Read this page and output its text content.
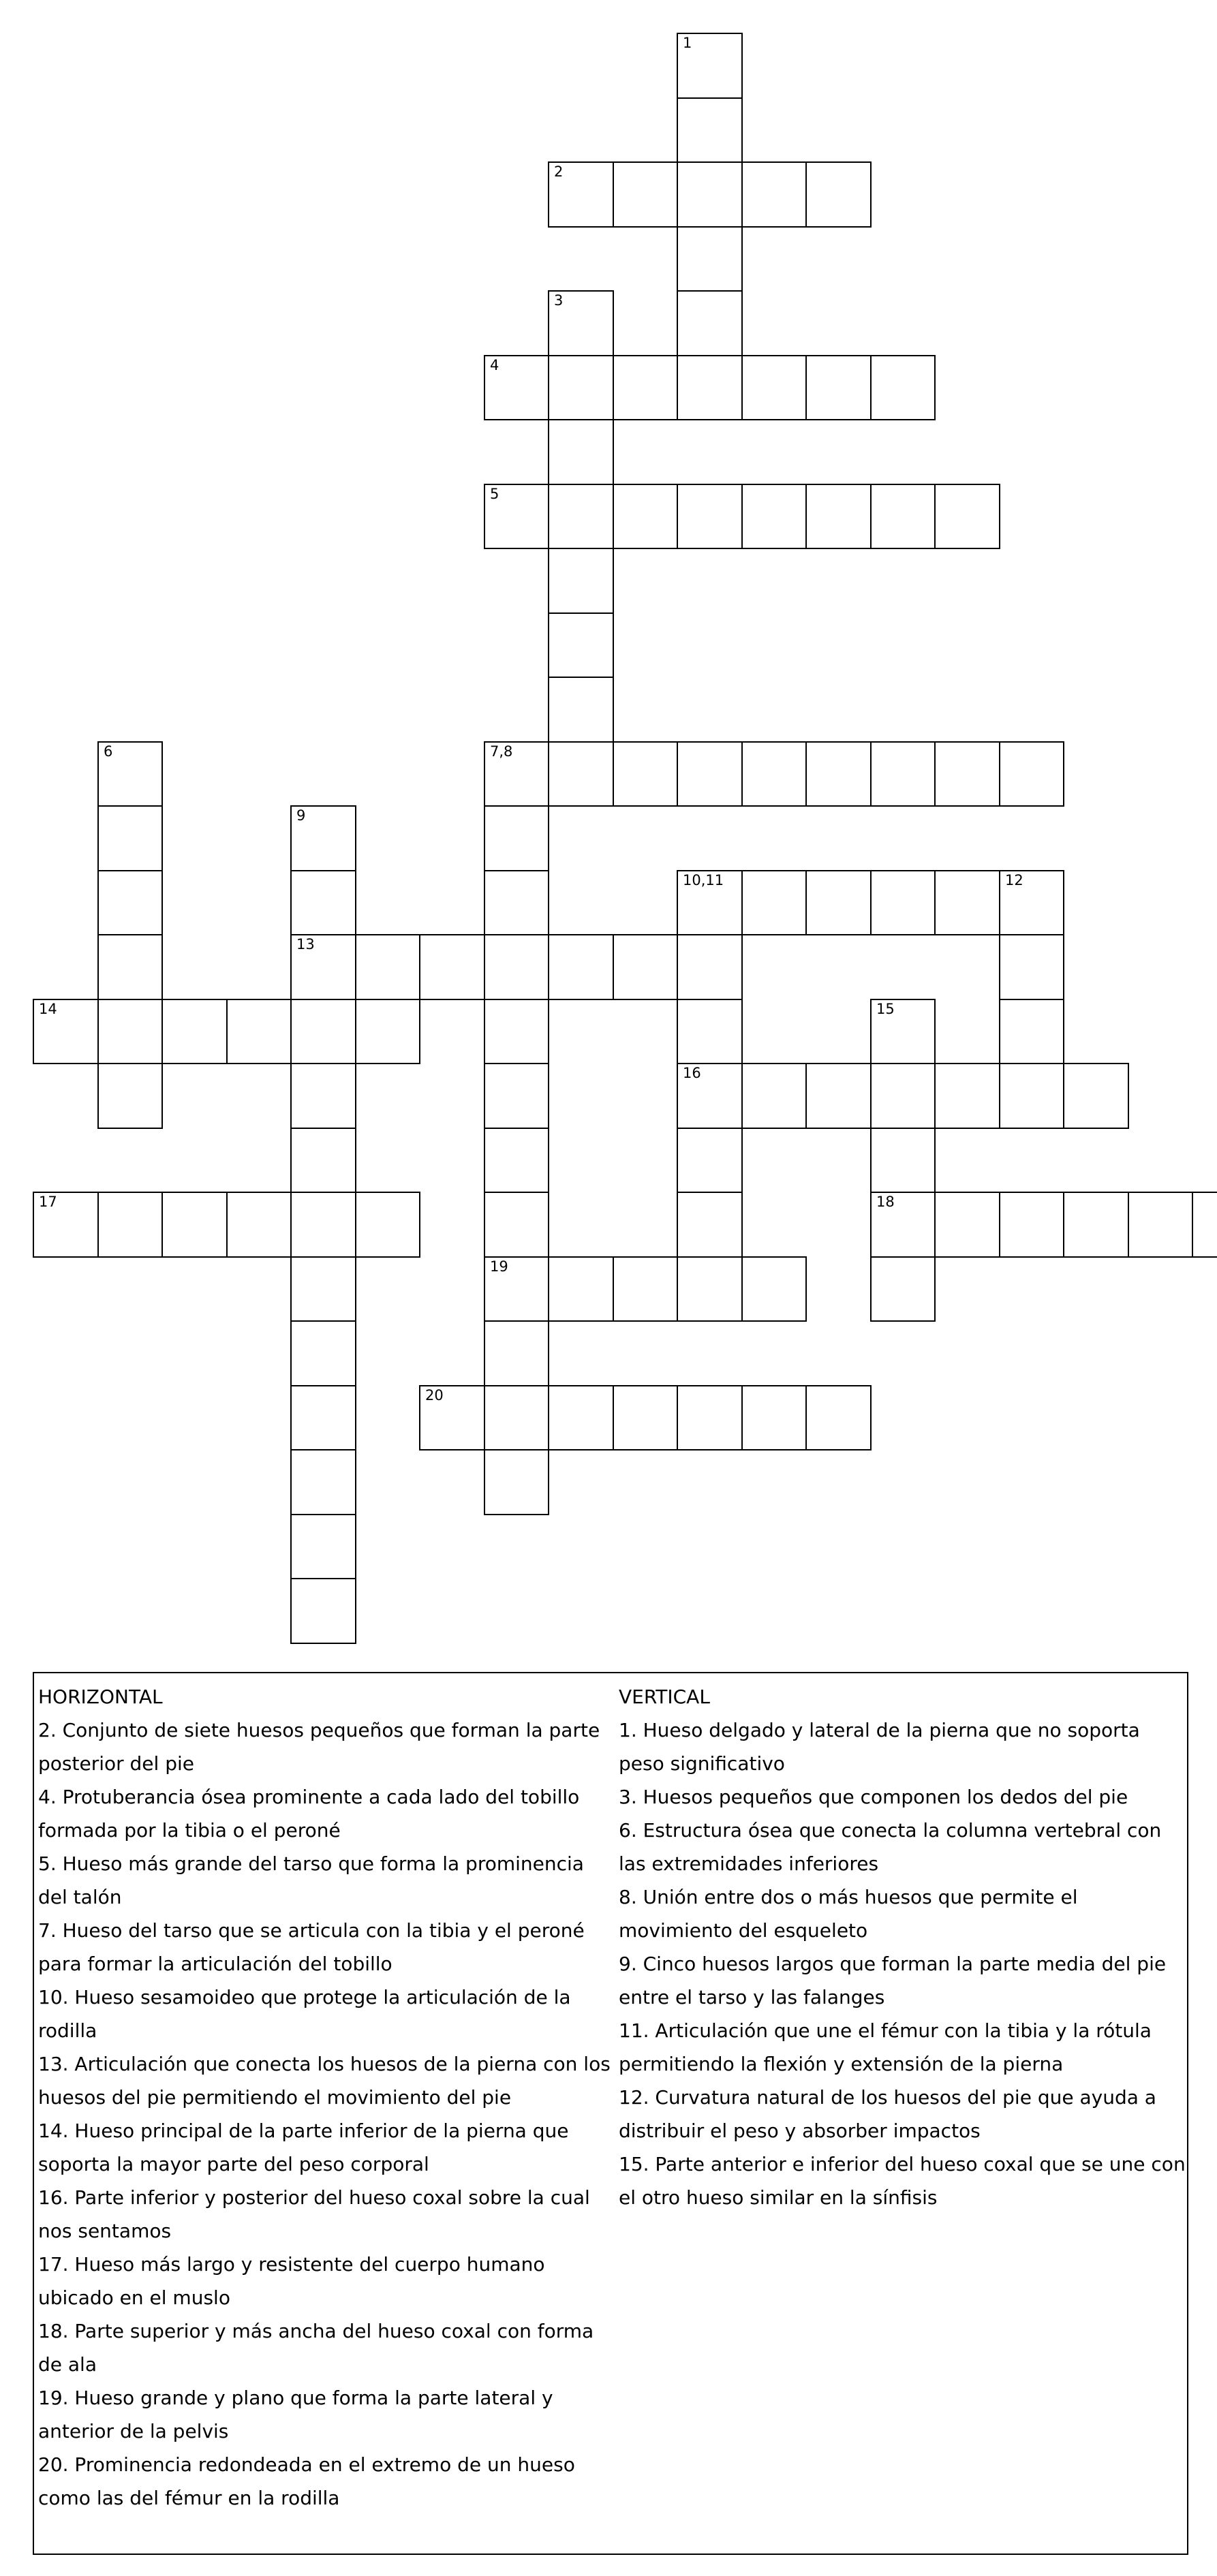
1
2
3
4
5
6	7,8
19
9
13
10,11	12
16
14	15
18
17
20
HORIZONTAL
2. Conjunto de siete huesos pequeños que forman la parte posterior del pie
4. Protuberancia ósea prominente a cada lado del tobillo formada por la tibia o el peroné
5. Hueso más grande del tarso que forma la prominencia del talón
7. Hueso del tarso que se articula con la tibia y el peroné para formar la articulación del tobillo
10. Hueso sesamoideo que protege la articulación de la rodilla
13. Articulación que conecta los huesos de la pierna con los huesos del pie permitiendo el movimiento del pie
14. Hueso principal de la parte inferior de la pierna que soporta la mayor parte del peso corporal
16. Parte inferior y posterior del hueso coxal sobre la cual nos sentamos
17. Hueso más largo y resistente del cuerpo humano ubicado en el muslo
18. Parte superior y más ancha del hueso coxal con forma de ala
19. Hueso grande y plano que forma la parte lateral y anterior de la pelvis
20. Prominencia redondeada en el extremo de un hueso como las del fémur en la rodilla
VERTICAL
1. Hueso delgado y lateral de la pierna que no soporta peso significativo
3. Huesos pequeños que componen los dedos del pie
6. Estructura ósea que conecta la columna vertebral con las extremidades inferiores
8. Unión entre dos o más huesos que permite el movimiento del esqueleto
9. Cinco huesos largos que forman la parte media del pie entre el tarso y las falanges
11. Articulación que une el fémur con la tibia y la rótula permitiendo la flexión y extensión de la pierna
12. Curvatura natural de los huesos del pie que ayuda a distribuir el peso y absorber impactos
15. Parte anterior e inferior del hueso coxal que se une con el otro hueso similar en la sínfisis
